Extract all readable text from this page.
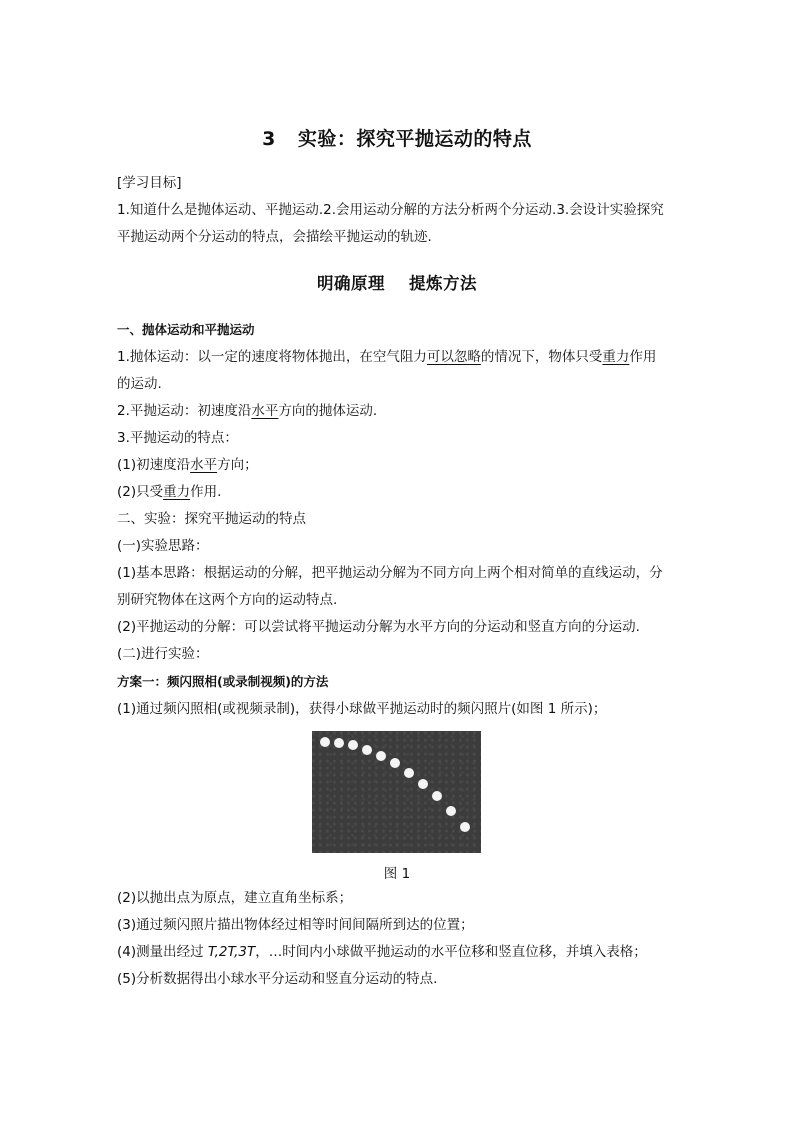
3 实验：探究平抛运动的特点
[学习目标]
1.知道什么是抛体运动、平抛运动.2.会用运动分解的方法分析两个分运动.3.会设计实验探究
平抛运动两个分运动的特点，会描绘平抛运动的轨迹.
明确原理 提炼方法
一、抛体运动和平抛运动
1.抛体运动：以一定的速度将物体抛出，在空气阻力可以忽略的情况下，物体只受重力作用
的运动.
2.平抛运动：初速度沿水平方向的抛体运动.
3.平抛运动的特点：
(1)初速度沿水平方向；
(2)只受重力作用.
二、实验：探究平抛运动的特点
(一)实验思路：
(1)基本思路：根据运动的分解，把平抛运动分解为不同方向上两个相对简单的直线运动，分
别研究物体在这两个方向的运动特点.
(2)平抛运动的分解：可以尝试将平抛运动分解为水平方向的分运动和竖直方向的分运动.
(二)进行实验：
方案一：频闪照相(或录制视频)的方法
(1)通过频闪照相(或视频录制)，获得小球做平抛运动时的频闪照片(如图 1 所示)；
图 1
(2)以抛出点为原点，建立直角坐标系；
(3)通过频闪照片描出物体经过相等时间间隔所到达的位置；
(4)测量出经过 T,2T,3T，…时间内小球做平抛运动的水平位移和竖直位移，并填入表格；
(5)分析数据得出小球水平分运动和竖直分运动的特点.
